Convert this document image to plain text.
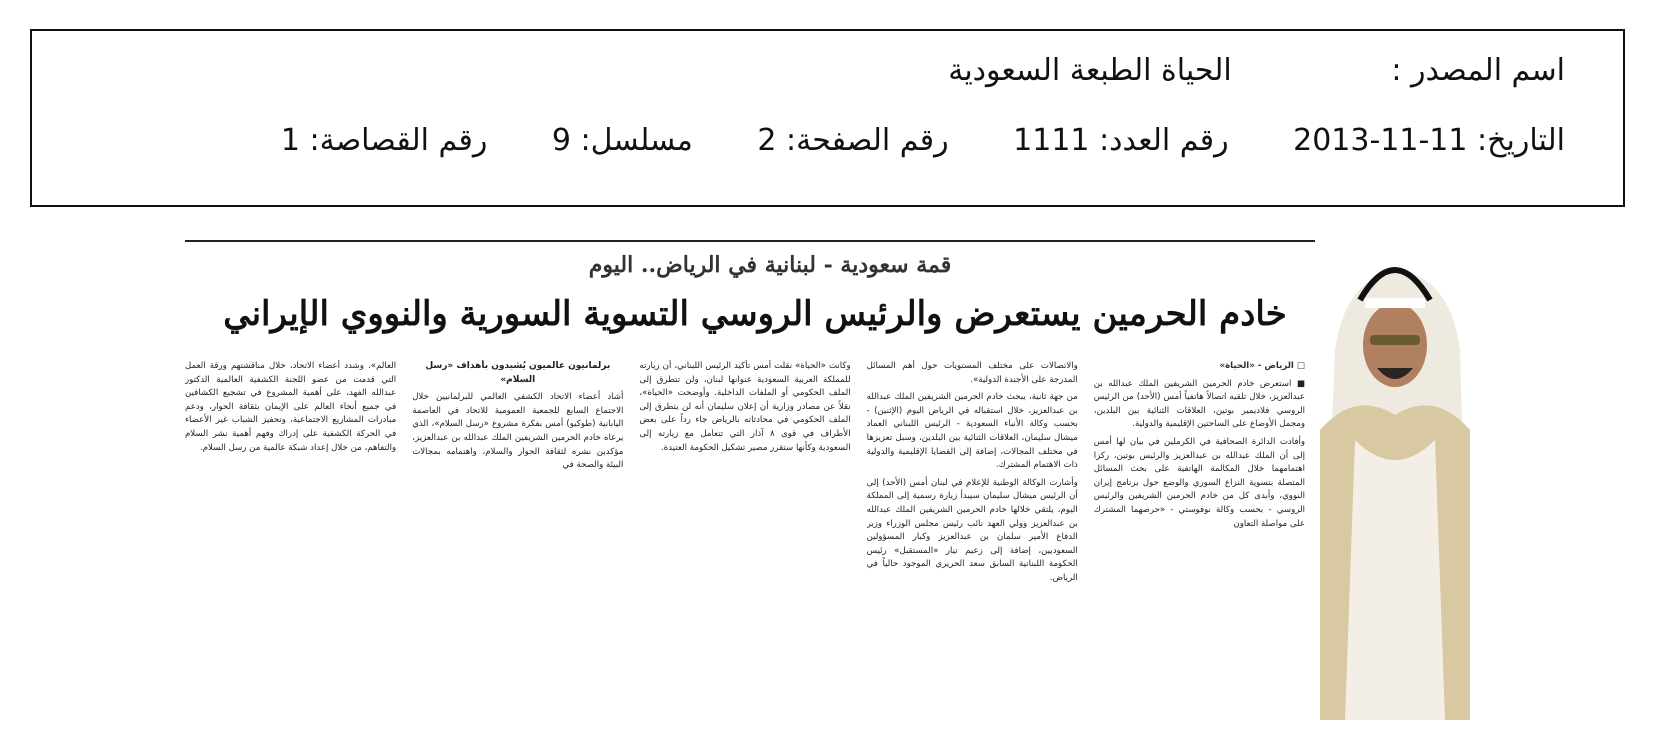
اسم المصدر : الحياة الطبعة السعودية
التاريخ: 2013-11-11 رقم العدد: 1111 رقم الصفحة: 2 مسلسل: 9 رقم القصاصة: 1
قمة سعودية - لبنانية في الرياض.. اليوم
خادم الحرمين يستعرض والرئيس الروسي التسوية السورية والنووي الإيراني
□ الرياض - «الحياة»

■ استعرض خادم الحرمين الشريفين الملك عبدالله بن عبدالعزيز، خلال تلقيه اتصالاً هاتفياً أمس (الأحد) من الرئيس الروسي فلاديمير بوتين، العلاقات الثنائية بين البلدين، ومجمل الأوضاع على الساحتين الإقليمية والدولية.

وأفادت الدائرة الصحافية في الكرملين في بيان لها أمس إلى أن الملك عبدالله بن عبدالعزيز والرئيس بوتين، ركزا اهتمامهما خلال المكالمة الهاتفية على بحث المسائل المتصلة بتسوية النزاع السوري والوضع حول برنامج إيران النووي، وأبدى كل من خادم الحرمين الشريفين والرئيس الروسي - بحسب وكالة نوفوستي - «حرصهما المشترك على مواصلة التعاون

والاتصالات على مختلف المستويات حول أهم المسائل المدرجة على الأجندة الدولية».

من جهة ثانية، يبحث خادم الحرمين الشريفين الملك عبدالله بن عبدالعزيز، خلال استقباله في الرياض اليوم (الإثنين) - بحسب وكالة الأنباء السعودية - الرئيس اللبناني العماد ميشال سليمان، العلاقات الثنائية بين البلدين، وسبل تعزيزها في مختلف المجالات، إضافة إلى القضايا الإقليمية والدولية ذات الاهتمام المشترك.

وأشارت الوكالة الوطنية للإعلام في لبنان أمس (الأحد) إلى أن الرئيس ميشال سليمان سيبدأ زيارة رسمية إلى المملكة اليوم، يلتقي خلالها خادم الحرمين الشريفين الملك عبدالله بن عبدالعزيز وولي العهد نائب رئيس مجلس الوزراء وزير الدفاع الأمير سلمان بن عبدالعزيز وكبار المسؤولين السعوديين، إضافة إلى زعيم تيار «المستقبل» رئيس الحكومة اللبنانية السابق سعد الحريري الموجود حالياً في الرياض.

وكانت «الحياة» نقلت أمس تأكيد الرئيس اللبناني، أن زيارته للمملكة العربية السعودية عنوانها لبنان، ولن تتطرق إلى الملف الحكومي أو الملفات الداخلية. وأوضحت «الحياة»، نقلاً عن مصادر وزارية أن إعلان سليمان أنه لن يتطرق إلى الملف الحكومي في محادثاته بالرياض جاء رداً على بعض الأطراف في قوى ٨ آذار التي تتعامل مع زيارته إلى السعودية وكأنها ستقرر مصير تشكيل الحكومة العتيدة.

برلمانيون عالميون يُشيدون بأهداف «رسل السلام»

أشاد أعضاء الاتحاد الكشفي العالمي للبرلمانيين خلال الاجتماع السابع للجمعية العمومية للاتحاد في العاصمة اليابانية (طوكيو) أمس بفكرة مشروع «رسل السلام»، الذي يرعاه خادم الحرمين الشريفين الملك عبدالله بن عبدالعزيز، مؤكدين نشره لثقافة الحوار والسلام، واهتمامه بمجالات البيئة والصحة في

العالم». وشدد أعضاء الاتحاد، خلال مناقشتهم ورقة العمل التي قدمت من عضو اللجنة الكشفية العالمية الدكتور عبدالله الفهد، على أهمية المشروع في تشجيع الكشافين في جميع أنحاء العالم على الإيمان بثقافة الحوار، ودعم مبادرات المشاريع الاجتماعية، وتحفيز الشباب غير الأعضاء في الحركة الكشفية على إدراك وفهم أهمية نشر السلام والتفاهم، من خلال إعداد شبكة عالمية من رسل السلام.
